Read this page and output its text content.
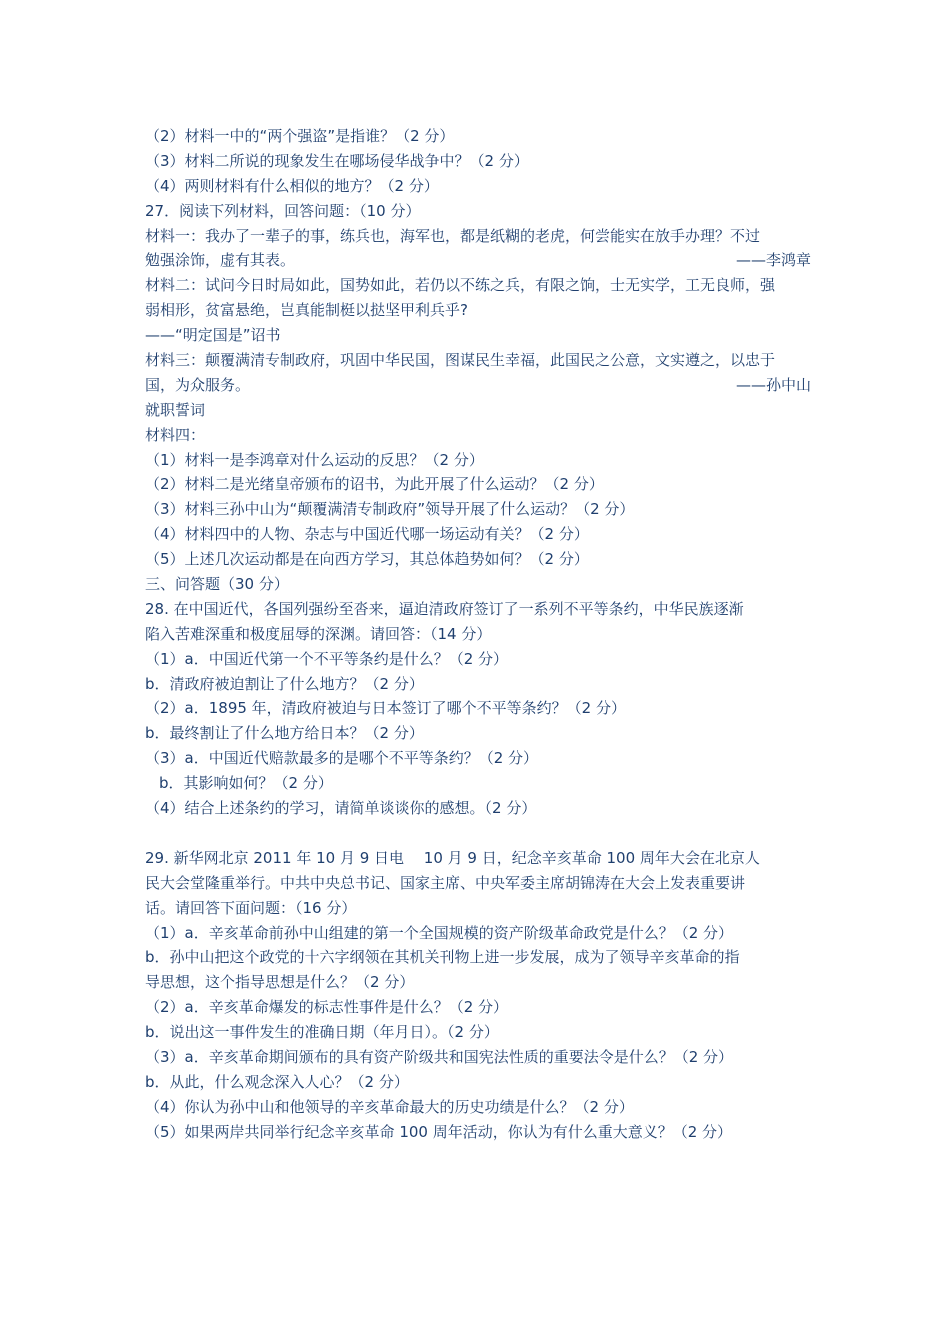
（2）材料一中的“两个强盗”是指谁？（2 分）
（3）材料二所说的现象发生在哪场侵华战争中？（2 分）
（4）两则材料有什么相似的地方？（2 分）
27．阅读下列材料，回答问题：（10 分）
材料一：我办了一辈子的事，练兵也，海军也，都是纸糊的老虎，何尝能实在放手办理？不过
勉强涂饰，虚有其表。	——李鸿章
材料二：试问今日时局如此，国势如此，若仍以不练之兵，有限之饷，士无实学，工无良师，强
弱相形，贫富悬绝，岂真能制梃以挞坚甲利兵乎?
——“明定国是”诏书
材料三：颠覆满清专制政府，巩固中华民国，图谋民生幸福，此国民之公意，文实遵之，以忠于
国，为众服务。	——孙中山
就职誓词
材料四：
（1）材料一是李鸿章对什么运动的反思？（2 分）
（2）材料二是光绪皇帝颁布的诏书，为此开展了什么运动？（2 分）
（3）材料三孙中山为“颠覆满清专制政府”领导开展了什么运动？（2 分）
（4）材料四中的人物、杂志与中国近代哪一场运动有关？（2 分）
（5）上述几次运动都是在向西方学习，其总体趋势如何？（2 分）
三、问答题（30 分）
28. 在中国近代，各国列强纷至沓来，逼迫清政府签订了一系列不平等条约，中华民族逐渐
陷入苦难深重和极度屈辱的深渊。请回答：（14 分）
（1）a．中国近代第一个不平等条约是什么？（2 分）
b．清政府被迫割让了什么地方？（2 分）
（2）a．1895 年，清政府被迫与日本签订了哪个不平等条约？（2 分）
b．最终割让了什么地方给日本？（2 分）
（3）a．中国近代赔款最多的是哪个不平等条约？（2 分）
b．其影响如何？（2 分）
（4）结合上述条约的学习，请简单谈谈你的感想。（2 分）
29. 新华网北京 2011 年 10 月 9 日电　 10 月 9 日，纪念辛亥革命 100 周年大会在北京人
民大会堂隆重举行。中共中央总书记、国家主席、中央军委主席胡锦涛在大会上发表重要讲
话。请回答下面问题：（16 分）
（1）a．辛亥革命前孙中山组建的第一个全国规模的资产阶级革命政党是什么？（2 分）
b．孙中山把这个政党的十六字纲领在其机关刊物上进一步发展，成为了领导辛亥革命的指
导思想，这个指导思想是什么？（2 分）
（2）a．辛亥革命爆发的标志性事件是什么？（2 分）
b．说出这一事件发生的准确日期（年月日）。（2 分）
（3）a．辛亥革命期间颁布的具有资产阶级共和国宪法性质的重要法令是什么？（2 分）
b．从此，什么观念深入人心？（2 分）
（4）你认为孙中山和他领导的辛亥革命最大的历史功绩是什么？（2 分）
（5）如果两岸共同举行纪念辛亥革命 100 周年活动，你认为有什么重大意义？（2 分）
